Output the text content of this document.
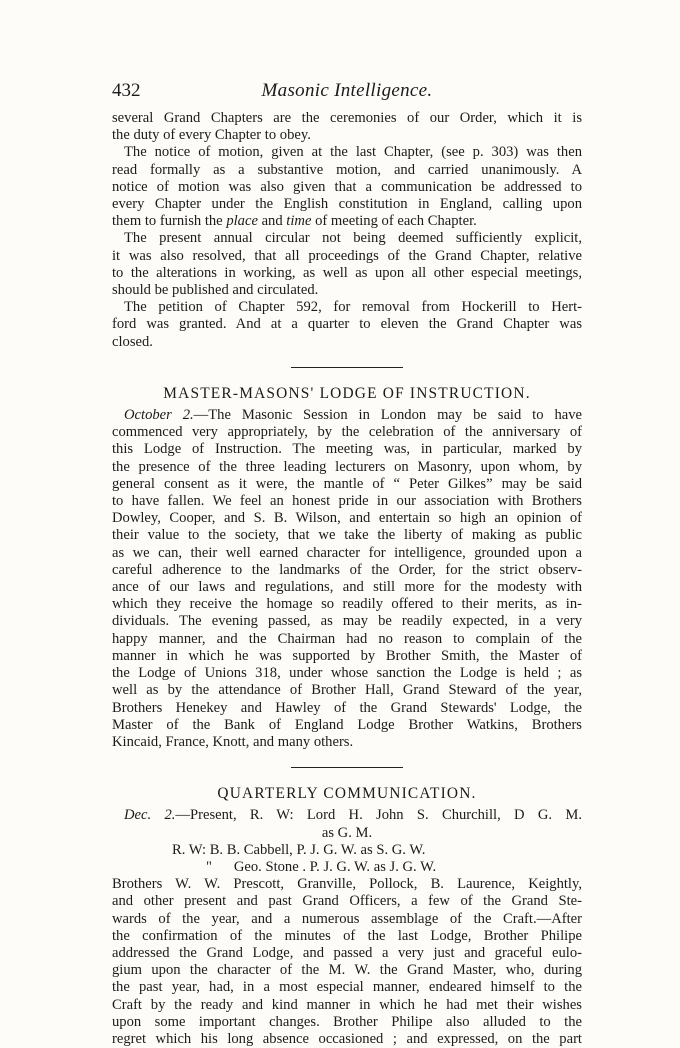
432	Masonic Intelligence.
several Grand Chapters are the ceremonies of our Order, which it is
the duty of every Chapter to obey.
The notice of motion, given at the last Chapter, (see p. 303) was then
read formally as a substantive motion, and carried unanimously. A
notice of motion was also given that a communication be addressed to
every Chapter under the English constitution in England, calling upon
them to furnish the place and time of meeting of each Chapter.
The present annual circular not being deemed sufficiently explicit,
it was also resolved, that all proceedings of the Grand Chapter, relative
to the alterations in working, as well as upon all other especial meetings,
should be published and circulated.
The petition of Chapter 592, for removal from Hockerill to Hert-
ford was granted. And at a quarter to eleven the Grand Chapter was
closed.
MASTER-MASONS' LODGE OF INSTRUCTION.
October 2.—The Masonic Session in London may be said to have
commenced very appropriately, by the celebration of the anniversary of
this Lodge of Instruction. The meeting was, in particular, marked by
the presence of the three leading lecturers on Masonry, upon whom, by
general consent as it were, the mantle of “ Peter Gilkes” may be said
to have fallen. We feel an honest pride in our association with Brothers
Dowley, Cooper, and S. B. Wilson, and entertain so high an opinion of
their value to the society, that we take the liberty of making as public
as we can, their well earned character for intelligence, grounded upon a
careful adherence to the landmarks of the Order, for the strict observ-
ance of our laws and regulations, and still more for the modesty with
which they receive the homage so readily offered to their merits, as in-
dividuals. The evening passed, as may be readily expected, in a very
happy manner, and the Chairman had no reason to complain of the
manner in which he was supported by Brother Smith, the Master of
the Lodge of Unions 318, under whose sanction the Lodge is held ; as
well as by the attendance of Brother Hall, Grand Steward of the year,
Brothers Henekey and Hawley of the Grand Stewards' Lodge, the
Master of the Bank of England Lodge Brother Watkins, Brothers
Kincaid, France, Knott, and many others.
QUARTERLY COMMUNICATION.
Dec. 2.—Present, R. W: Lord H. John S. Churchill, D G. M.
as G. M.
R. W: B. B. Cabbell, P. J. G. W. as S. G. W.
"      Geo. Stone . P. J. G. W. as J. G. W.
Brothers W. W. Prescott, Granville, Pollock, B. Laurence, Keightly,
and other present and past Grand Officers, a few of the Grand Ste-
wards of the year, and a numerous assemblage of the Craft.—After
the confirmation of the minutes of the last Lodge, Brother Philipe
addressed the Grand Lodge, and passed a very just and graceful eulo-
gium upon the character of the M. W. the Grand Master, who, during
the past year, had, in a most especial manner, endeared himself to the
Craft by the ready and kind manner in which he had met their wishes
upon some important changes. Brother Philipe also alluded to the
regret which his long absence occasioned ; and expressed, on the part
